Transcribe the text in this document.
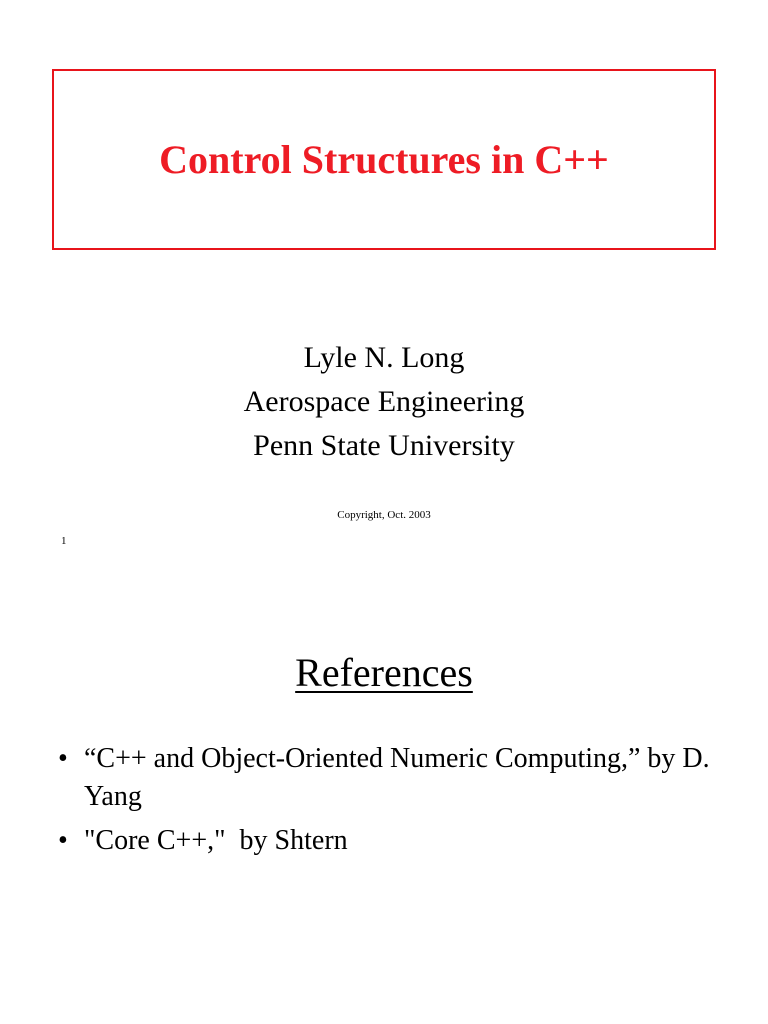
Control Structures in C++
Lyle N. Long
Aerospace Engineering
Penn State University
Copyright, Oct. 2003
1
References
• “C++ and Object-Oriented Numeric Computing,” by D. Yang
• "Core C++,"  by Shtern
